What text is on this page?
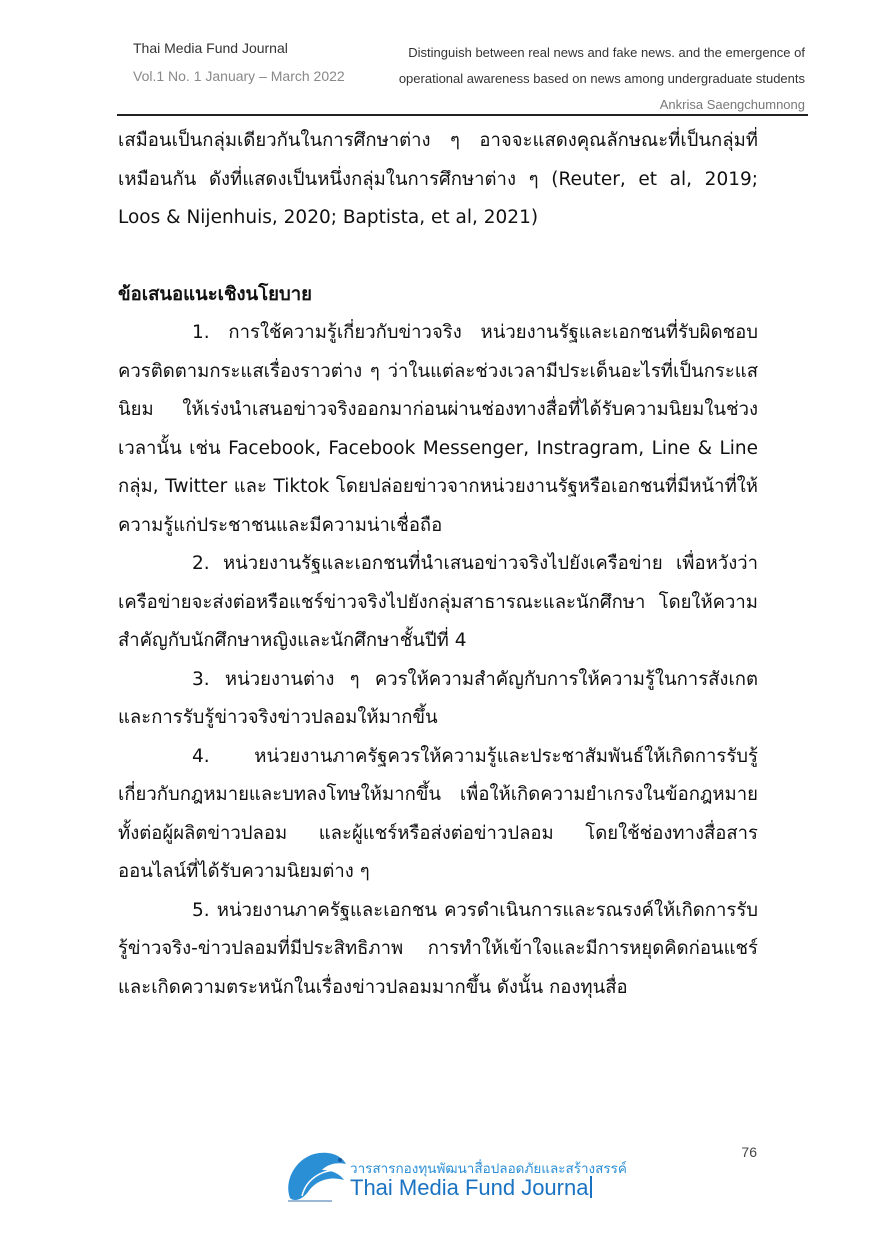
Thai Media Fund Journal
Vol.1 No. 1 January – March 2022
Distinguish between real news and fake news. and the emergence of
operational awareness based on news among undergraduate students
Ankrisa Saengchumnong

เสมือนเป็นกลุ่มเดียวกันในการศึกษาต่าง ๆ อาจจะแสดงคุณลักษณะที่เป็นกลุ่มที่เหมือนกัน ดังที่แสดงเป็นหนึ่งกลุ่มในการศึกษาต่าง ๆ (Reuter, et al, 2019; Loos & Nijenhuis, 2020; Baptista, et al, 2021)

ข้อเสนอแนะเชิงนโยบาย

1. การใช้ความรู้เกี่ยวกับข่าวจริง หน่วยงานรัฐและเอกชนที่รับผิดชอบควรติดตามกระแสเรื่องราวต่าง ๆ ว่าในแต่ละช่วงเวลามีประเด็นอะไรที่เป็นกระแสนิยม ให้เร่งนำเสนอข่าวจริงออกมาก่อนผ่านช่องทางสื่อที่ได้รับความนิยมในช่วงเวลานั้น เช่น Facebook, Facebook Messenger, Instragram, Line & Line กลุ่ม, Twitter และ Tiktok โดยปล่อยข่าวจากหน่วยงานรัฐหรือเอกชนที่มีหน้าที่ให้ความรู้แก่ประชาชนและมีความน่าเชื่อถือ

2. หน่วยงานรัฐและเอกชนที่นำเสนอข่าวจริงไปยังเครือข่าย เพื่อหวังว่าเครือข่ายจะส่งต่อหรือแชร์ข่าวจริงไปยังกลุ่มสาธารณะและนักศึกษา โดยให้ความสำคัญกับนักศึกษาหญิงและนักศึกษาชั้นปีที่ 4

3. หน่วยงานต่าง ๆ ควรให้ความสำคัญกับการให้ความรู้ในการสังเกตและการรับรู้ข่าวจริงข่าวปลอมให้มากขึ้น

4. หน่วยงานภาครัฐควรให้ความรู้และประชาสัมพันธ์ให้เกิดการรับรู้เกี่ยวกับกฎหมายและบทลงโทษให้มากขึ้น เพื่อให้เกิดความยำเกรงในข้อกฎหมาย ทั้งต่อผู้ผลิตข่าวปลอม และผู้แชร์หรือส่งต่อข่าวปลอม โดยใช้ช่องทางสื่อสารออนไลน์ที่ได้รับความนิยมต่าง ๆ

5. หน่วยงานภาครัฐและเอกชน ควรดำเนินการและรณรงค์ให้เกิดการรับรู้ข่าวจริง-ข่าวปลอมที่มีประสิทธิภาพ การทำให้เข้าใจและมีการหยุดคิดก่อนแชร์ และเกิดความตระหนักในเรื่องข่าวปลอมมากขึ้น ดังนั้น กองทุนสื่อ

76
วารสารกองทุนพัฒนาสื่อปลอดภัยและสร้างสรรค์
Thai Media Fund Journal
